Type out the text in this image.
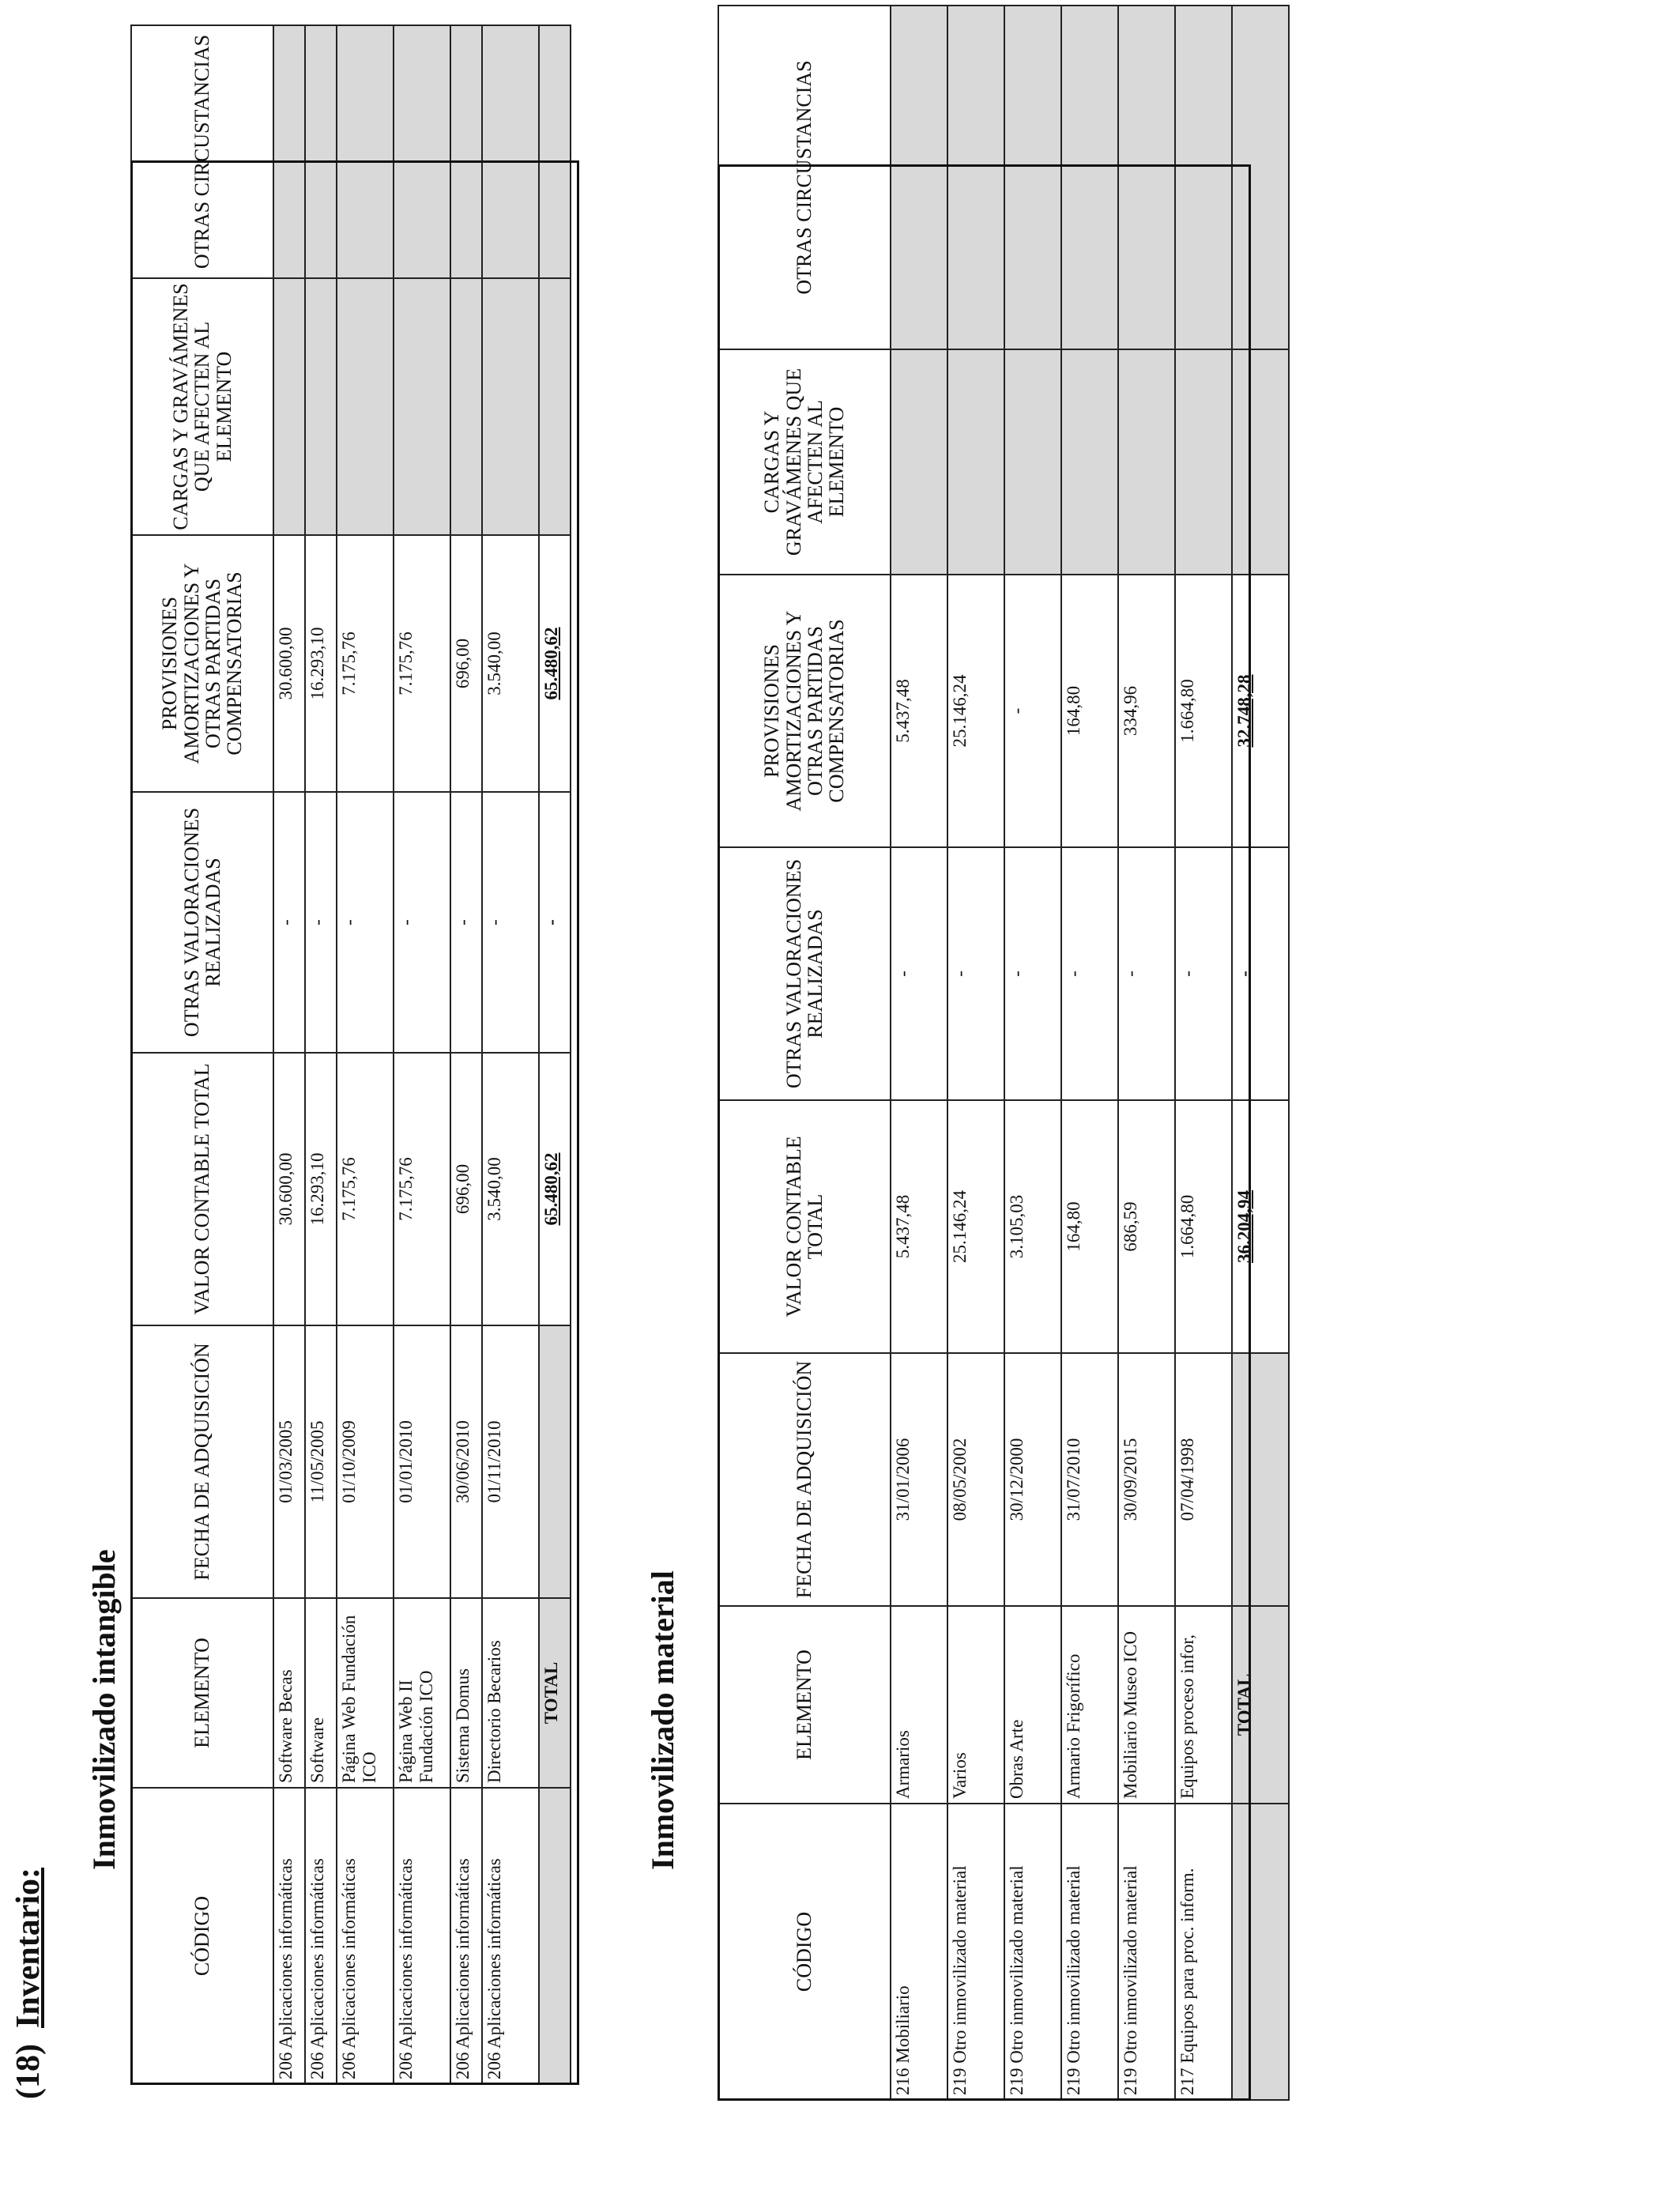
(18)
Inventario:
Inmovilizado intangible
CÓDIGO	ELEMENTO	FECHA DE ADQUISICIÓN	VALOR CONTABLE TOTAL	OTRAS VALORACIONES REALIZADAS	PROVISIONES AMORTIZACIONES Y OTRAS PARTIDAS COMPENSATORIAS	CARGAS Y GRAVÁMENES QUE AFECTEN AL ELEMENTO	OTRAS CIRCUSTANCIAS
206 Aplicaciones informáticas	Software Becas	01/03/2005	30.600,00	-	30.600,00		
206 Aplicaciones informáticas	Software	11/05/2005	16.293,10	-	16.293,10		
206 Aplicaciones informáticas	Página Web Fundación ICO	01/10/2009	7.175,76	-	7.175,76		
206 Aplicaciones informáticas	Página Web II Fundación ICO	01/01/2010	7.175,76	-	7.175,76		
206 Aplicaciones informáticas	Sistema Domus	30/06/2010	696,00	-	696,00		
206 Aplicaciones informáticas	Directorio Becarios	01/11/2010	3.540,00	-	3.540,00		
	TOTAL		65.480,62	-	65.480,62		
Inmovilizado material
CÓDIGO	ELEMENTO	FECHA DE ADQUISICIÓN	VALOR CONTABLE TOTAL	OTRAS VALORACIONES REALIZADAS	PROVISIONES AMORTIZACIONES Y OTRAS PARTIDAS COMPENSATORIAS	CARGAS Y GRAVÁMENES QUE AFECTEN AL ELEMENTO	OTRAS CIRCUSTANCIAS
216 Mobiliario	Armarios	31/01/2006	5.437,48	-	5.437,48		
219 Otro inmovilizado material	Varios	08/05/2002	25.146,24	-	25.146,24		
219 Otro inmovilizado material	Obras Arte	30/12/2000	3.105,03	-	-		
219 Otro inmovilizado material	Armario Frigorífico	31/07/2010	164,80	-	164,80		
219 Otro inmovilizado material	Mobiliario Museo ICO	30/09/2015	686,59	-	334,96		
217 Equipos para proc. inform.	Equipos proceso infor,	07/04/1998	1.664,80	-	1.664,80		
	TOTAL		36.204,94	-	32.748,28		
